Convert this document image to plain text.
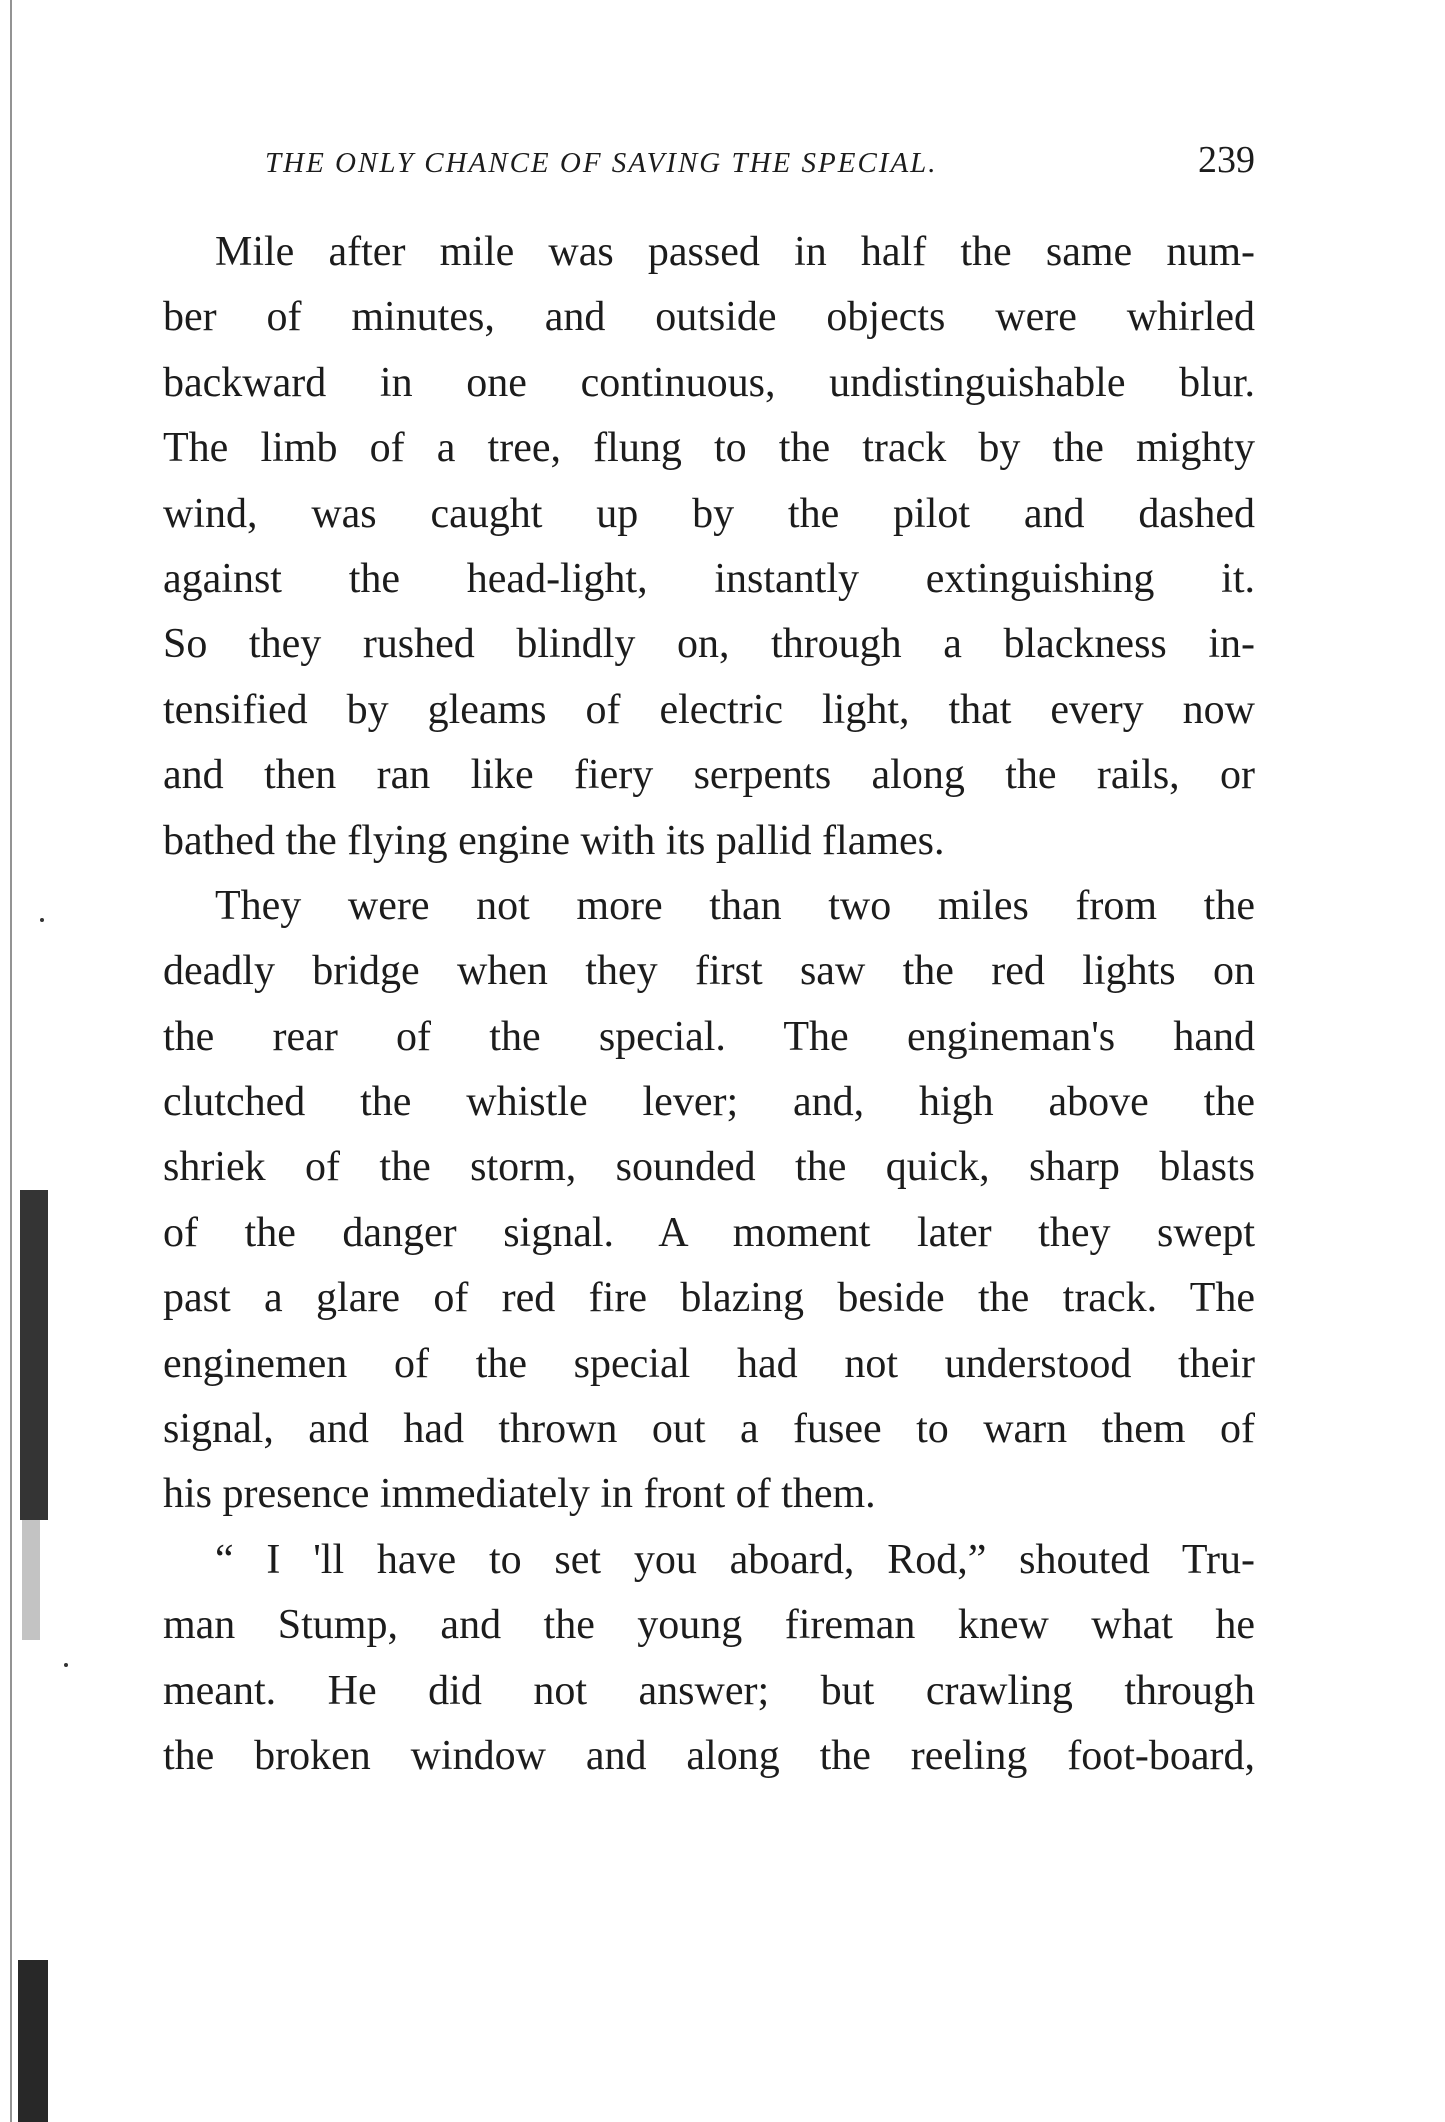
THE ONLY CHANCE OF SAVING THE SPECIAL.	239
Mile after mile was passed in half the same num-
ber of minutes, and outside objects were whirled
backward in one continuous, undistinguishable blur.
The limb of a tree, flung to the track by the mighty
wind, was caught up by the pilot and dashed
against the head-light, instantly extinguishing it.
So they rushed blindly on, through a blackness in-
tensified by gleams of electric light, that every now
and then ran like fiery serpents along the rails, or
bathed the flying engine with its pallid flames.
They were not more than two miles from the
deadly bridge when they first saw the red lights on
the rear of the special. The engineman's hand
clutched the whistle lever; and, high above the
shriek of the storm, sounded the quick, sharp blasts
of the danger signal. A moment later they swept
past a glare of red fire blazing beside the track. The
enginemen of the special had not understood their
signal, and had thrown out a fusee to warn them of
his presence immediately in front of them.
“ I 'll have to set you aboard, Rod,” shouted Tru-
man Stump, and the young fireman knew what he
meant. He did not answer; but crawling through
the broken window and along the reeling foot-board,
